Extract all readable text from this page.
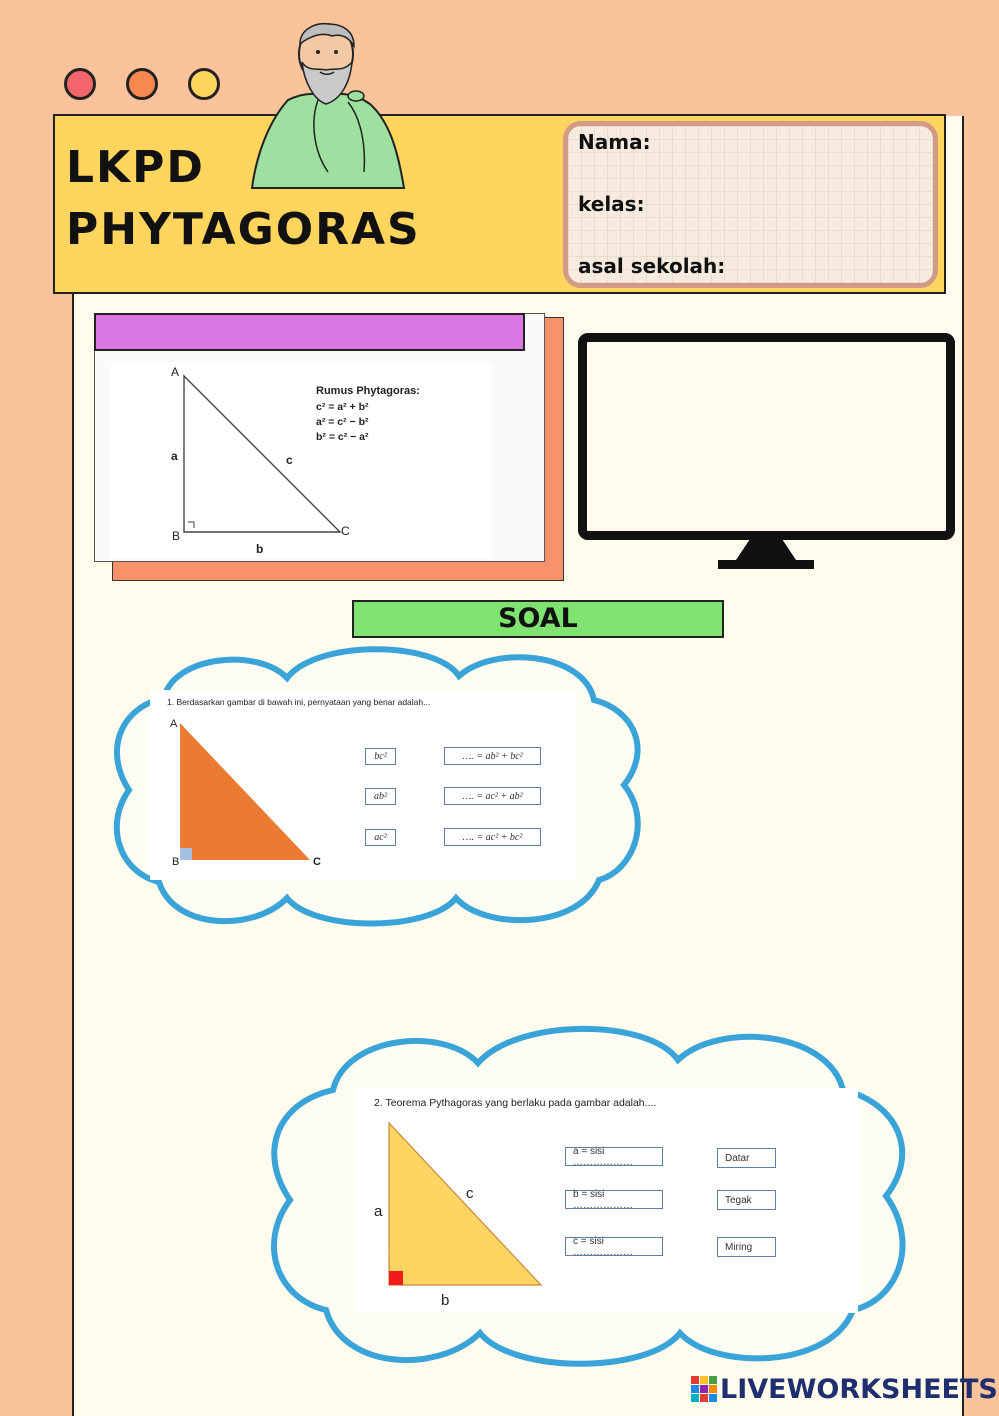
LKPD
PHYTAGORAS
Nama:
kelas:
asal sekolah:
A
B	C
a
b
c
Rumus Phytagoras:
c² = a² + b²
a² = c² − b²
b² = c² − a²
SOAL
1. Berdasarkan gambar di bawah ini, pernyataan yang benar adalah...
A
B	C
bc²
ab²
ac²
…. = ab² + bc²
…. = ac² + ab²
…. = ac² + bc²
2. Teorema Pythagoras yang berlaku pada gambar adalah....
a
b
c
a = sisi ………………
b = sisi ………………
c = sisi ………………
Datar
Tegak
Miring
LIVEWORKSHEETS
